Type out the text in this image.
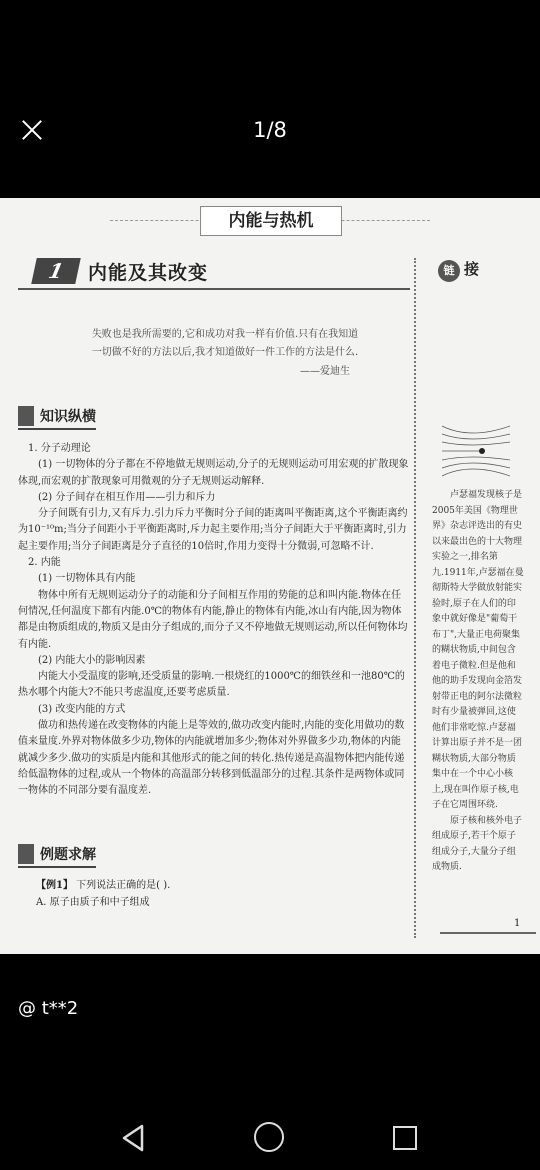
1/8
内能与热机
1	内能及其改变	链 接
失败也是我所需要的,它和成功对我一样有价值.只有在我知道
一切做不好的方法以后,我才知道做好一件工作的方法是什么.
——爱迪生
知识纵横

1. 分子动理论

(1) 一切物体的分子都在不停地做无规则运动,分子的无规则运动可用宏观的扩散现象体现,而宏观的扩散现象可用微观的分子无规则运动解释.

(2) 分子间存在相互作用——引力和斥力

分子间既有引力,又有斥力.引力斥力平衡时分子间的距离叫平衡距离,这个平衡距离约为10⁻¹⁰m;当分子间距小于平衡距离时,斥力起主要作用;当分子间距大于平衡距离时,引力起主要作用;当分子间距离是分子直径的10倍时,作用力变得十分微弱,可忽略不计.

2. 内能

(1) 一切物体具有内能

物体中所有无规则运动分子的动能和分子间相互作用的势能的总和叫内能.物体在任何情况,任何温度下都有内能.0℃的物体有内能,静止的物体有内能,冰山有内能,因为物体都是由物质组成的,物质又是由分子组成的,而分子又不停地做无规则运动,所以任何物体均有内能.

(2) 内能大小的影响因素

内能大小受温度的影响,还受质量的影响.一根烧红的1000℃的细铁丝和一池80℃的热水哪个内能大?不能只考虑温度,还要考虑质量.

(3) 改变内能的方式

做功和热传递在改变物体的内能上是等效的,做功改变内能时,内能的变化用做功的数值来量度.外界对物体做多少功,物体的内能就增加多少;物体对外界做多少功,物体的内能就减少多少.做功的实质是内能和其他形式的能之间的转化.热传递是高温物体把内能传递给低温物体的过程,或从一个物体的高温部分转移到低温部分的过程.其条件是两物体或同一物体的不同部分要有温度差.

例题求解
【例1】 下列说法正确的是( ).
A. 原子由质子和中子组成

卢瑟福发现核子是2005年美国《物理世界》杂志评选出的有史以来最出色的十大物理实验之一,排名第九.1911年,卢瑟福在曼彻斯特大学做放射能实验时,原子在人们的印象中就好像是"葡萄干布丁",大量正电荷聚集的糊状物质,中间包含着电子微粒.但是他和他的助手发现向金箔发射带正电的阿尔法微粒时有少量被弹回,这使他们非常吃惊.卢瑟福计算出原子并不是一团糊状物质,大部分物质集中在一个中心小核上,现在叫作原子核,电子在它周围环绕.

原子核和核外电子组成原子,若干个原子组成分子,大量分子组成物质.

1
@ t**2
